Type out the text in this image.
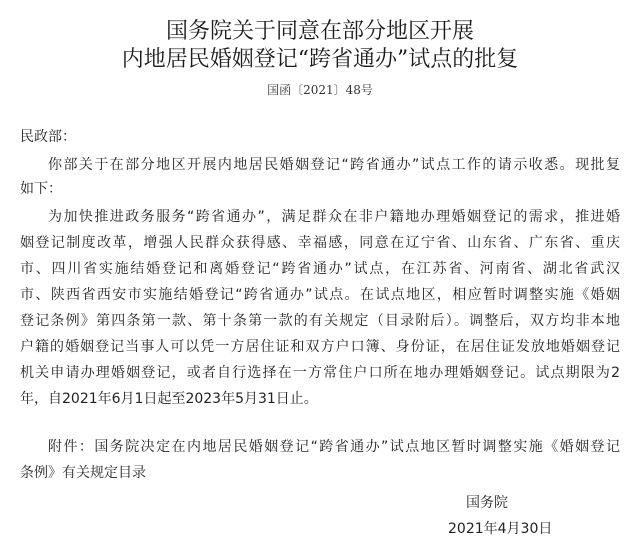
国务院关于同意在部分地区开展
内地居民婚姻登记“跨省通办”试点的批复
国函〔2021〕48号
民政部：
你部关于在部分地区开展内地居民婚姻登记“跨省通办”试点工作的请示收悉。现批复
如下：
为加快推进政务服务“跨省通办”，满足群众在非户籍地办理婚姻登记的需求，推进婚
姻登记制度改革，增强人民群众获得感、幸福感，同意在辽宁省、山东省、广东省、重庆
市、四川省实施结婚登记和离婚登记“跨省通办”试点，在江苏省、河南省、湖北省武汉
市、陕西省西安市实施结婚登记“跨省通办”试点。在试点地区，相应暂时调整实施《婚姻
登记条例》第四条第一款、第十条第一款的有关规定（目录附后）。调整后，双方均非本地
户籍的婚姻登记当事人可以凭一方居住证和双方户口簿、身份证，在居住证发放地婚姻登记
机关申请办理婚姻登记，或者自行选择在一方常住户口所在地办理婚姻登记。试点期限为2
年，自2021年6月1日起至2023年5月31日止。
附件：国务院决定在内地居民婚姻登记“跨省通办”试点地区暂时调整实施《婚姻登记
条例》有关规定目录
国务院
2021年4月30日
